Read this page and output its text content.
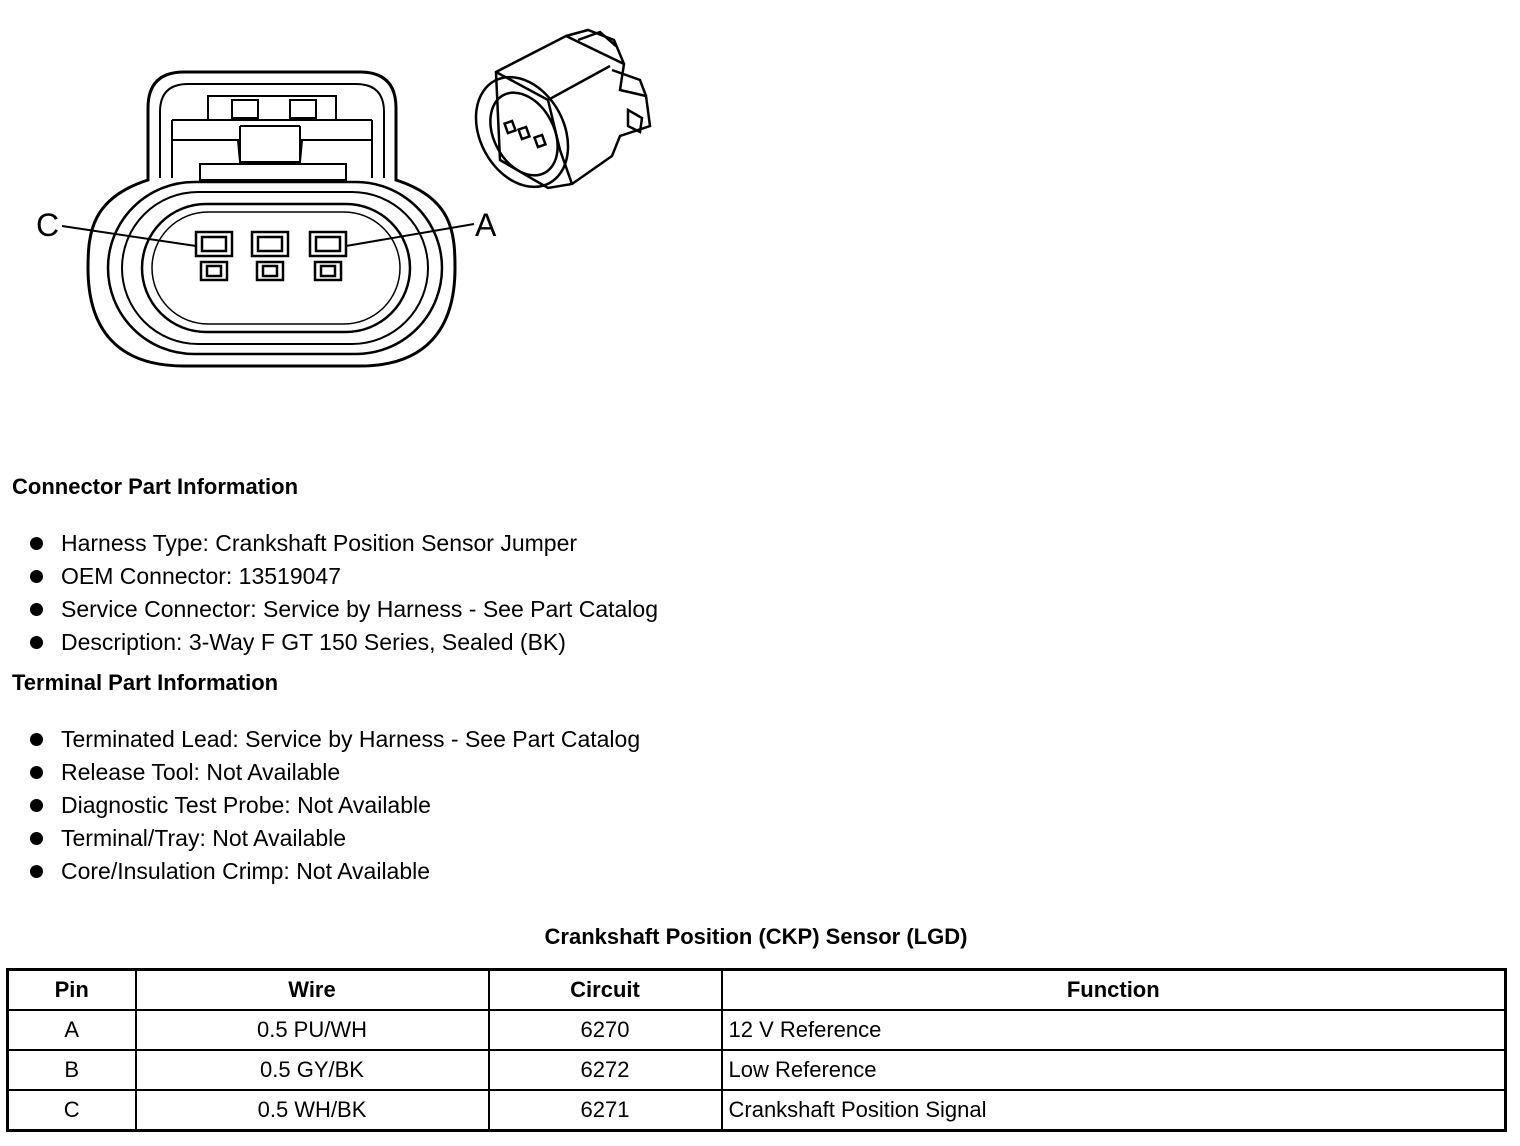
C	A
Connector Part Information
Harness Type: Crankshaft Position Sensor Jumper
OEM Connector: 13519047
Service Connector: Service by Harness - See Part Catalog
Description: 3-Way F GT 150 Series, Sealed (BK)
Terminal Part Information
Terminated Lead: Service by Harness - See Part Catalog
Release Tool: Not Available
Diagnostic Test Probe: Not Available
Terminal/Tray: Not Available
Core/Insulation Crimp: Not Available
Crankshaft Position (CKP) Sensor (LGD)
Pin	Wire	Circuit	Function
A	0.5 PU/WH	6270	12 V Reference
B	0.5 GY/BK	6272	Low Reference
C	0.5 WH/BK	6271	Crankshaft Position Signal
